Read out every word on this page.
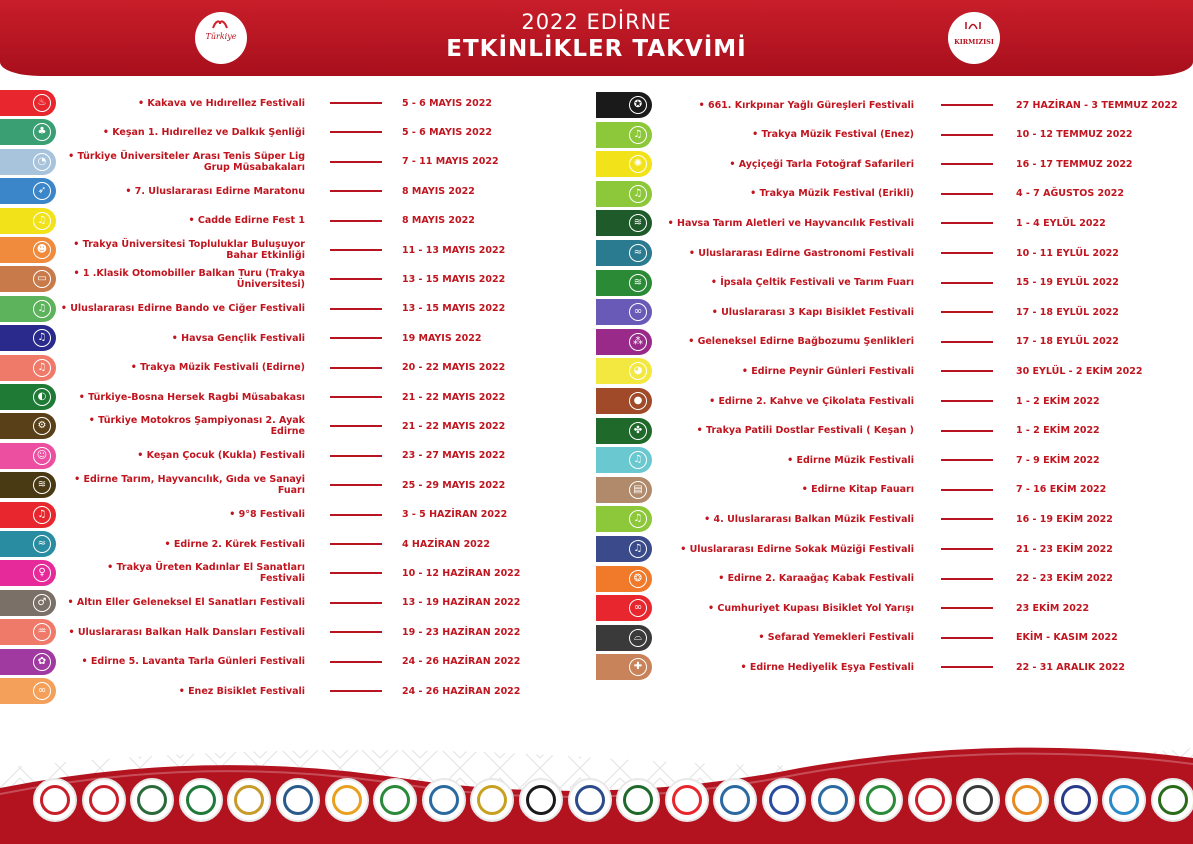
Türkiye
2022 EDİRNE
ETKİNLİKLER TAKVİMİ	KIRMIZISI
♨	• Kakava ve Hıdırellez Festivali	5 - 6 MAYIS 2022
♣	• Keşan 1. Hıdırellez ve Dalkık Şenliği	5 - 6 MAYIS 2022
◔	• Türkiye Üniversiteler Arası Tenis Süper Lig Grup Müsabakaları	7 - 11 MAYIS 2022
➶	• 7. Uluslararası Edirne Maratonu	8 MAYIS 2022
♫	• Cadde Edirne Fest 1	8 MAYIS 2022
☻	• Trakya Üniversitesi Topluluklar Buluşuyor Bahar Etkinliği	11 - 13 MAYIS 2022
▭	• 1 .Klasik Otomobiller Balkan Turu (Trakya Üniversitesi)	13 - 15 MAYIS 2022
♫	• Uluslararası Edirne Bando ve Ciğer Festivali	13 - 15 MAYIS 2022
♫	• Havsa Gençlik Festivali	19 MAYIS 2022
♫	• Trakya Müzik Festivali (Edirne)	20 - 22 MAYIS 2022
◐	• Türkiye-Bosna Hersek Ragbi Müsabakası	21 - 22 MAYIS 2022
⚙	• Türkiye Motokros Şampiyonası 2. Ayak Edirne	21 - 22 MAYIS 2022
☺	• Keşan Çocuk (Kukla) Festivali	23 - 27 MAYIS 2022
≋	• Edirne Tarım, Hayvancılık, Gıda ve Sanayi Fuarı	25 - 29 MAYIS 2022
♫	• 9°8 Festivali	3 - 5 HAZİRAN 2022
≈	• Edirne 2. Kürek Festivali	4 HAZİRAN 2022
♀	• Trakya Üreten Kadınlar El Sanatları Festivali	10 - 12 HAZİRAN 2022
♂	• Altın Eller Geleneksel El Sanatları Festivali	13 - 19 HAZİRAN 2022
♒	• Uluslararası Balkan Halk Dansları Festivali	19 - 23 HAZİRAN 2022
✿	• Edirne 5. Lavanta Tarla Günleri Festivali	24 - 26 HAZİRAN 2022
∞	• Enez Bisiklet Festivali	24 - 26 HAZİRAN 2022
✪	• 661. Kırkpınar Yağlı Güreşleri Festivali	27 HAZİRAN - 3 TEMMUZ 2022
♫	• Trakya Müzik Festival (Enez)	10 - 12 TEMMUZ 2022
✺	• Ayçiçeği Tarla Fotoğraf Safarileri	16 - 17 TEMMUZ 2022
♫	• Trakya Müzik Festival (Erikli)	4 - 7 AĞUSTOS 2022
≋	• Havsa Tarım Aletleri ve Hayvancılık Festivali	1 - 4 EYLÜL 2022
≈	• Uluslararası Edirne Gastronomi Festivali	10 - 11 EYLÜL 2022
≋	• İpsala Çeltik Festivali ve Tarım Fuarı	15 - 19 EYLÜL 2022
∞	• Uluslararası 3 Kapı Bisiklet Festivali	17 - 18 EYLÜL 2022
⁂	• Geleneksel Edirne Bağbozumu Şenlikleri	17 - 18 EYLÜL 2022
◕	• Edirne Peynir Günleri Festivali	30 EYLÜL - 2 EKİM 2022
●	• Edirne 2. Kahve ve Çikolata Festivali	1 - 2 EKİM 2022
✤	• Trakya Patili Dostlar Festivali ( Keşan )	1 - 2 EKİM 2022
♫	• Edirne Müzik Festivali	7 - 9 EKİM 2022
▤	• Edirne Kitap Fauarı	7 - 16 EKİM 2022
♫	• 4. Uluslararası Balkan Müzik Festivali	16 - 19 EKİM 2022
♫	• Uluslararası Edirne Sokak Müziği Festivali	21 - 23 EKİM 2022
❂	• Edirne 2. Karaağaç Kabak Festivali	22 - 23 EKİM 2022
∞	• Cumhuriyet Kupası Bisiklet Yol Yarışı	23 EKİM 2022
⌓	• Sefarad Yemekleri Festivali	EKİM - KASIM 2022
✚	• Edirne Hediyelik Eşya Festivali	22 - 31 ARALIK 2022
